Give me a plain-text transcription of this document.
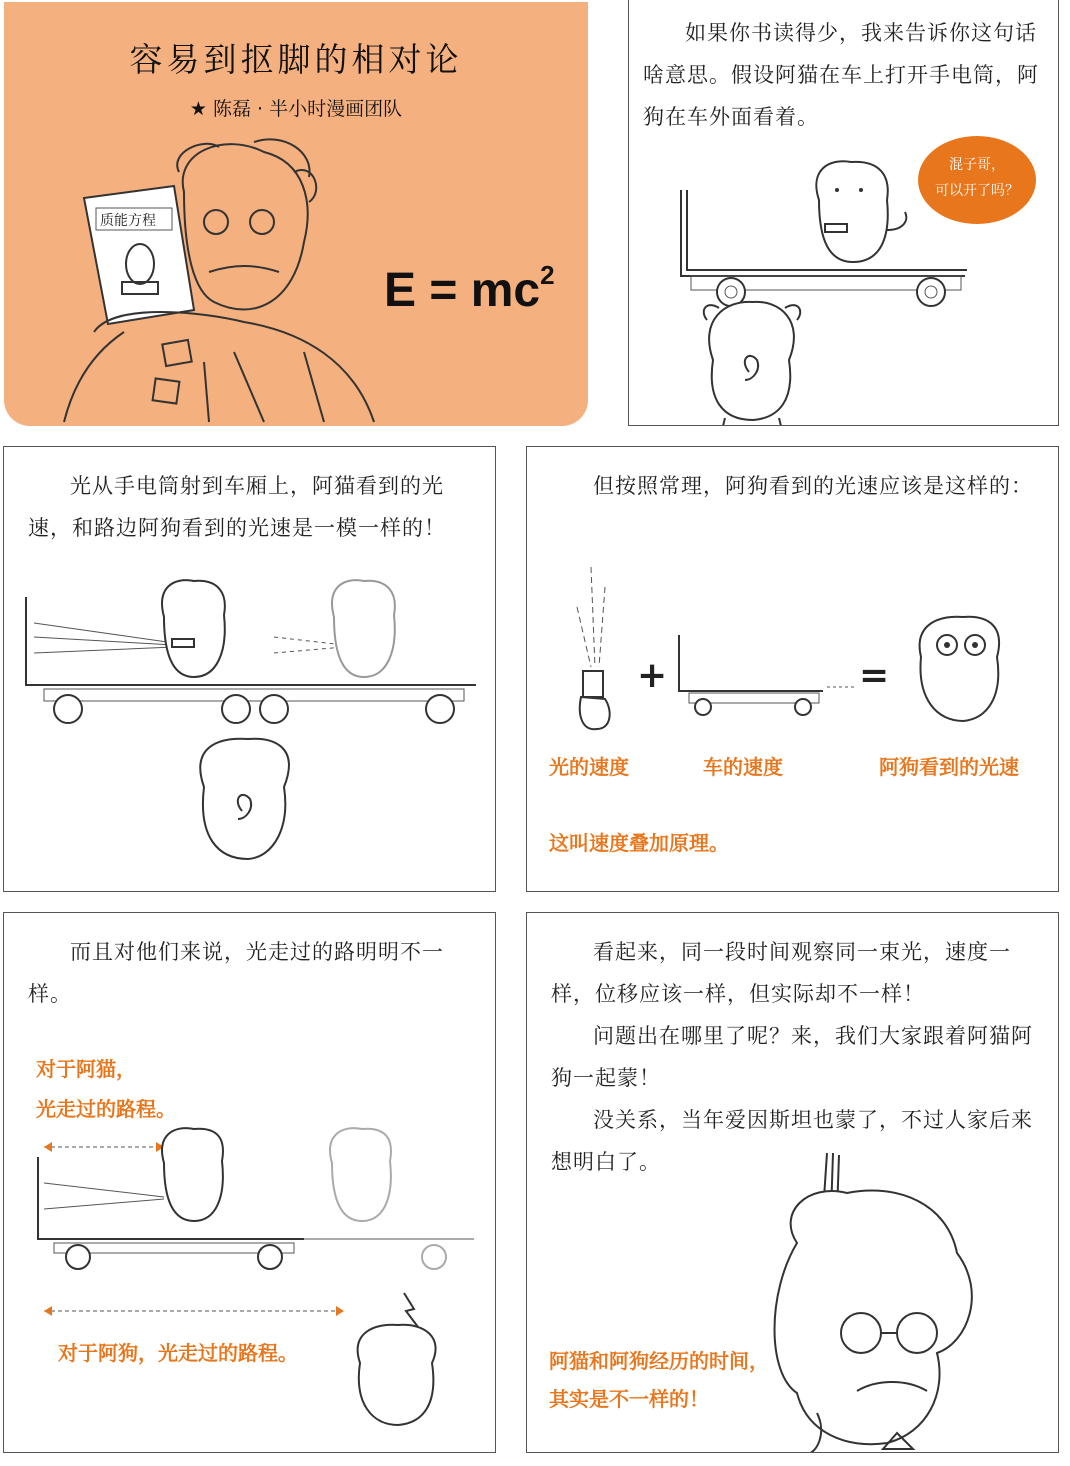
容易到抠脚的相对论
★ 陈磊 · 半小时漫画团队
质能方程
$E = mc^2$

如果你书读得少，我来告诉你这句话啥意思。假设阿猫在车上打开手电筒，阿狗在车外面看着。

混子哥，
可以开了吗？

光从手电筒射到车厢上，阿猫看到的光速，和路边阿狗看到的光速是一模一样的！

但按照常理，阿狗看到的光速应该是这样的：

+	=
光的速度	车的速度	阿狗看到的光速
这叫速度叠加原理。

而且对他们来说，光走过的路明明不一样。

对于阿猫，
光走过的路程。
对于阿狗，光走过的路程。

看起来，同一段时间观察同一束光，速度一样，位移应该一样，但实际却不一样！

问题出在哪里了呢？来，我们大家跟着阿猫阿狗一起蒙！

没关系，当年爱因斯坦也蒙了，不过人家后来想明白了。

阿猫和阿狗经历的时间，
其实是不一样的！
